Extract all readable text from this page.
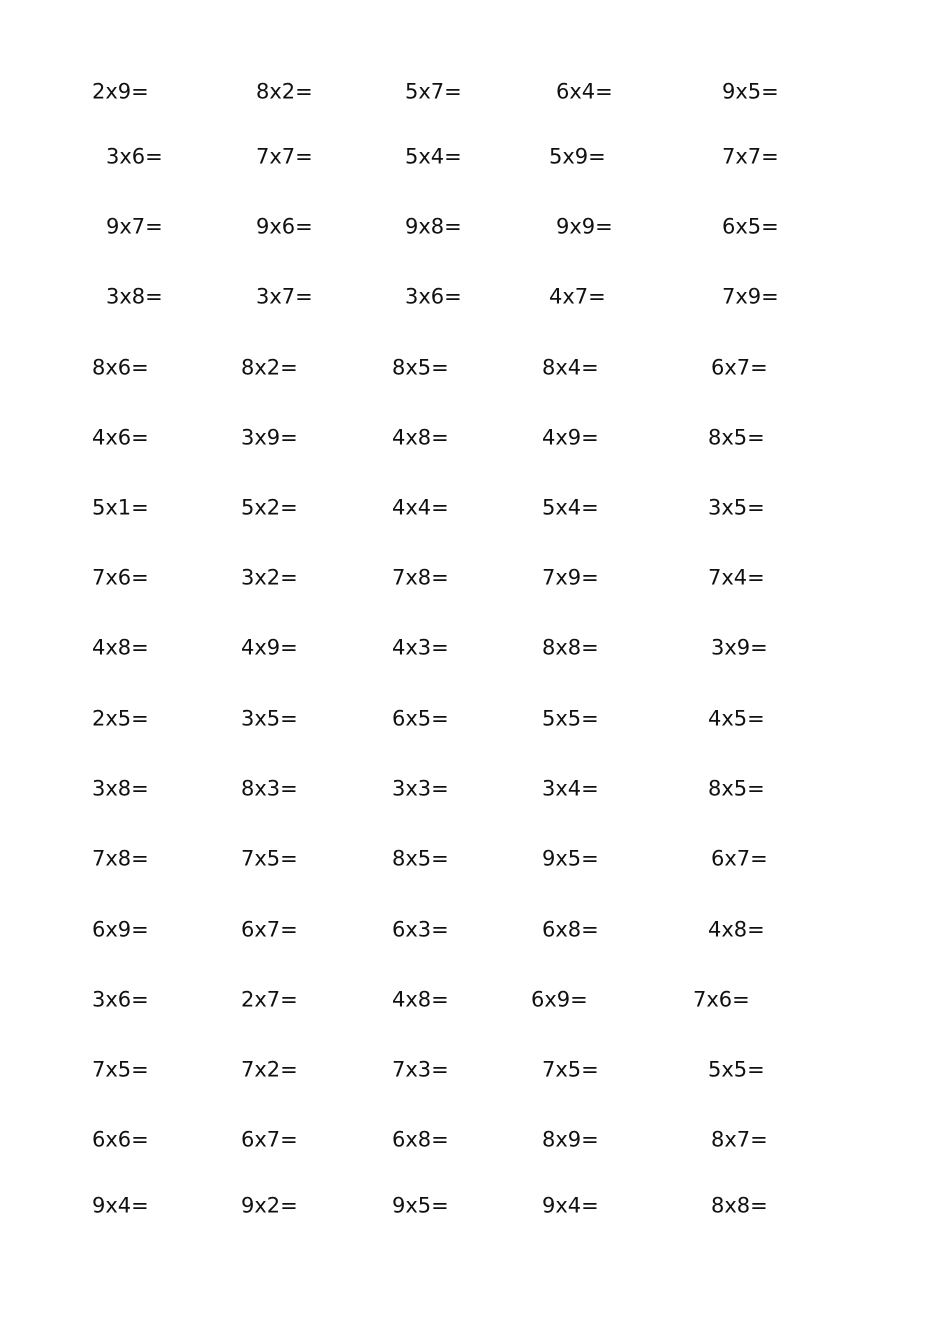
2x9=	8x2=	5x7=	6x4=	9x5=
3x6=	7x7=	5x4=	5x9=	7x7=
9x7=	9x6=	9x8=	9x9=	6x5=
3x8=	3x7=	3x6=	4x7=	7x9=
8x6=	8x2=	8x5=	8x4=	6x7=
4x6=	3x9=	4x8=	4x9=	8x5=
5x1=	5x2=	4x4=	5x4=	3x5=
7x6=	3x2=	7x8=	7x9=	7x4=
4x8=	4x9=	4x3=	8x8=	3x9=
2x5=	3x5=	6x5=	5x5=	4x5=
3x8=	8x3=	3x3=	3x4=	8x5=
7x8=	7x5=	8x5=	9x5=	6x7=
6x9=	6x7=	6x3=	6x8=	4x8=
3x6=	2x7=	4x8=	6x9=	7x6=
7x5=	7x2=	7x3=	7x5=	5x5=
6x6=	6x7=	6x8=	8x9=	8x7=
9x4=	9x2=	9x5=	9x4=	8x8=
